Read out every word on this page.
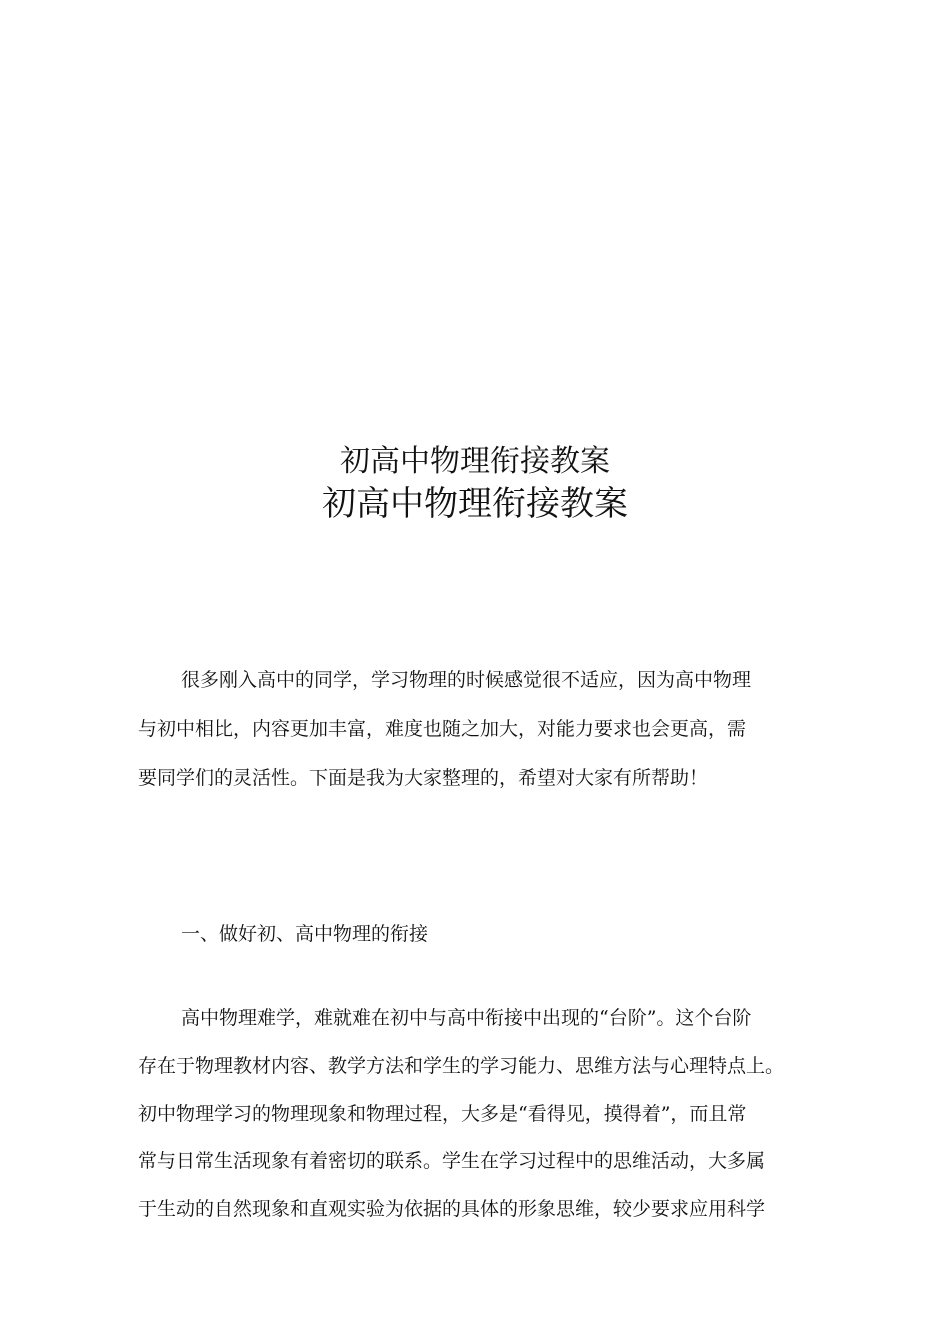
初高中物理衔接教案
初高中物理衔接教案

很多刚入高中的同学，学习物理的时候感觉很不适应，因为高中物理

与初中相比，内容更加丰富，难度也随之加大，对能力要求也会更高，需

要同学们的灵活性。下面是我为大家整理的，希望对大家有所帮助！

一、做好初、高中物理的衔接

高中物理难学，难就难在初中与高中衔接中出现的“台阶”。这个台阶

存在于物理教材内容、教学方法和学生的学习能力、思维方法与心理特点上。

初中物理学习的物理现象和物理过程，大多是“看得见，摸得着”，而且常

常与日常生活现象有着密切的联系。学生在学习过程中的思维活动，大多属

于生动的自然现象和直观实验为依据的具体的形象思维，较少要求应用科学
